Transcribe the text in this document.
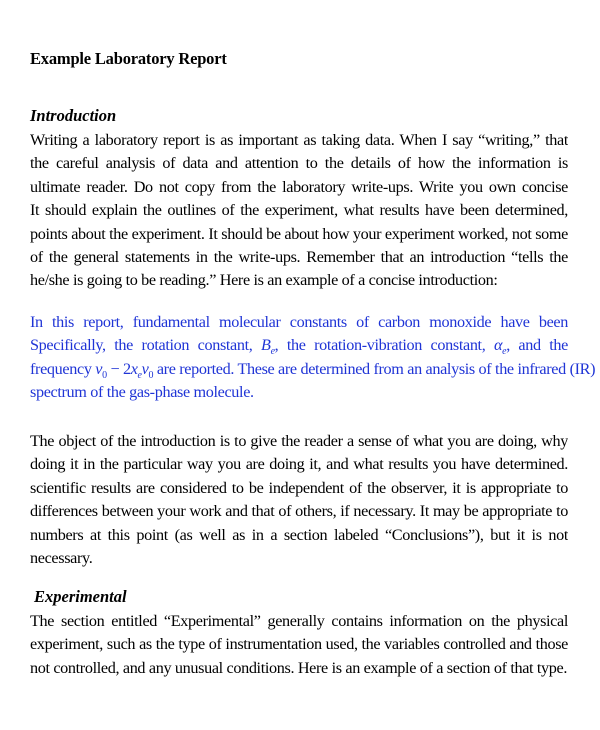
Example Laboratory Report
Introduction
Writing a laboratory report is as important as taking data. When I say “writing,” that
the careful analysis of data and attention to the details of how the information is
ultimate reader. Do not copy from the laboratory write-ups. Write you own concise
It should explain the outlines of the experiment, what results have been determined,
points about the experiment. It should be about how your experiment worked, not some
of the general statements in the write-ups. Remember that an introduction “tells the
he/she is going to be reading.” Here is an example of a concise introduction:
In this report, fundamental molecular constants of carbon monoxide have been
Specifically, the rotation constant, $B_e$, the rotation-vibration constant, $\alpha_e$, and the
frequency $\nu_0 - 2x_e\nu_0$ are reported. These are determined from an analysis of the infrared (IR)
spectrum of the gas-phase molecule.
The object of the introduction is to give the reader a sense of what you are doing, why
doing it in the particular way you are doing it, and what results you have determined.
scientific results are considered to be independent of the observer, it is appropriate to
differences between your work and that of others, if necessary. It may be appropriate to
numbers at this point (as well as in a section labeled “Conclusions”), but it is not
necessary.
Experimental
The section entitled “Experimental” generally contains information on the physical
experiment, such as the type of instrumentation used, the variables controlled and those
not controlled, and any unusual conditions. Here is an example of a section of that type.
